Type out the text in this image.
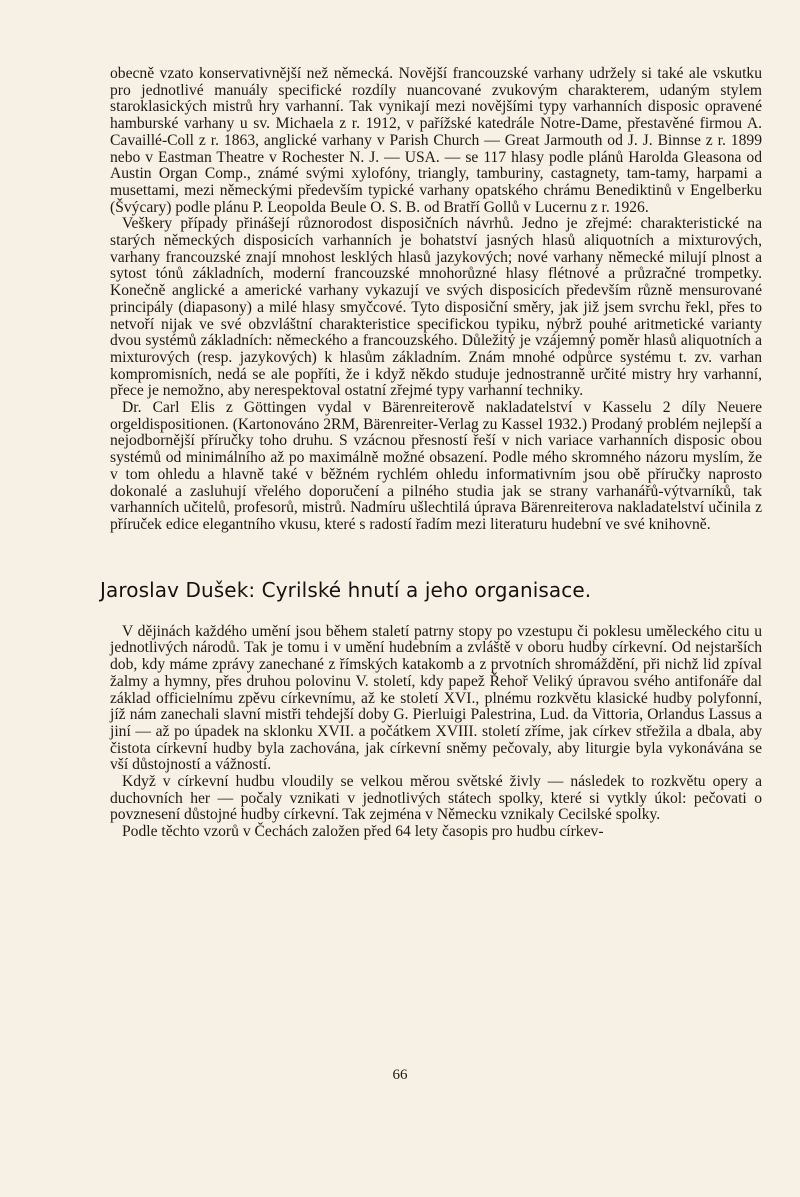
obecně vzato konservativnější než německá. Novější francouzské varhany udržely si také ale vskutku pro jednotlivé manuály specifické rozdíly nuancované zvukovým charakterem, udaným stylem staroklasických mistrů hry varhanní. Tak vynikají mezi novějšími typy varhanních disposic opravené hamburské varhany u sv. Michaela z r. 1912, v pařížské katedrále Notre-Dame, přestavěné firmou A. Cavaillé-Coll z r. 1863, anglické varhany v Parish Church — Great Jarmouth od J. J. Binnse z r. 1899 nebo v Eastman Theatre v Rochester N. J. — USA. — se 117 hlasy podle plánů Harolda Gleasona od Austin Organ Comp., známé svými xylofóny, triangly, tamburiny, castagnety, tam-tamy, harpami a musettami, mezi německými především typické varhany opatského chrámu Benediktinů v Engelberku (Švýcary) podle plánu P. Leopolda Beule O. S. B. od Bratří Gollů v Lucernu z r. 1926.

Veškery případy přinášejí různorodost disposičních návrhů. Jedno je zřejmé: charakteristické na starých německých disposicích varhanních je bohatství jasných hlasů aliquotních a mixturových, varhany francouzské znají mnohost lesklých hlasů jazykových; nové varhany německé milují plnost a sytost tónů základních, moderní francouzské mnohorůzné hlasy flétnové a průzračné trompetky. Konečně anglické a americké varhany vykazují ve svých disposicích především různě mensurované principály (diapasony) a milé hlasy smyčcové. Tyto disposiční směry, jak již jsem svrchu řekl, přes to netvoří nijak ve své obzvláštní charakteristice specifickou typiku, nýbrž pouhé aritmetické varianty dvou systémů základních: německého a francouzského. Důležitý je vzájemný poměr hlasů aliquotních a mixturových (resp. jazykových) k hlasům základním. Znám mnohé odpůrce systému t. zv. varhan kompromisních, nedá se ale popříti, že i když někdo studuje jednostranně určité mistry hry varhanní, přece je nemožno, aby nerespektoval ostatní zřejmé typy varhanní techniky.

Dr. Carl Elis z Göttingen vydal v Bärenreiterově nakladatelství v Kasselu 2 díly Neuere orgeldispositionen. (Kartonováno 2RM, Bärenreiter-Verlag zu Kassel 1932.) Prodaný problém nejlepší a nejodbornější příručky toho druhu. S vzácnou přesností řeší v nich variace varhanních disposic obou systémů od minimálního až po maximálně možné obsazení. Podle mého skromného názoru myslím, že v tom ohledu a hlavně také v běžném rychlém ohledu informativním jsou obě příručky naprosto dokonalé a zasluhují vřelého doporučení a pilného studia jak se strany varhanářů-výtvarníků, tak varhanních učitelů, profesorů, mistrů. Nadmíru ušlechtilá úprava Bärenreiterova nakladatelství učinila z příruček edice elegantního vkusu, které s radostí řadím mezi literaturu hudební ve své knihovně.

Jaroslav Dušek: Cyrilské hnutí a jeho organisace.

V dějinách každého umění jsou během staletí patrny stopy po vzestupu či poklesu uměleckého citu u jednotlivých národů. Tak je tomu i v umění hudebním a zvláště v oboru hudby církevní. Od nejstarších dob, kdy máme zprávy zanechané z římských katakomb a z prvotních shromáždění, při nichž lid zpíval žalmy a hymny, přes druhou polovinu V. století, kdy papež Řehoř Veliký úpravou svého antifonáře dal základ officielnímu zpěvu církevnímu, až ke století XVI., plnému rozkvětu klasické hudby polyfonní, jíž nám zanechali slavní mistři tehdejší doby G. Pierluigi Palestrina, Lud. da Vittoria, Orlandus Lassus a jiní — až po úpadek na sklonku XVII. a počátkem XVIII. století zříme, jak církev střežila a dbala, aby čistota církevní hudby byla zachována, jak církevní sněmy pečovaly, aby liturgie byla vykonávána se vší důstojností a vážností.

Když v církevní hudbu vloudily se velkou měrou světské živly — následek to rozkvětu opery a duchovních her — počaly vznikati v jednotlivých státech spolky, které si vytkly úkol: pečovati o povznesení důstojné hudby církevní. Tak zejména v Německu vznikaly Cecilské spolky.

Podle těchto vzorů v Čechách založen před 64 lety časopis pro hudbu církev-

66
